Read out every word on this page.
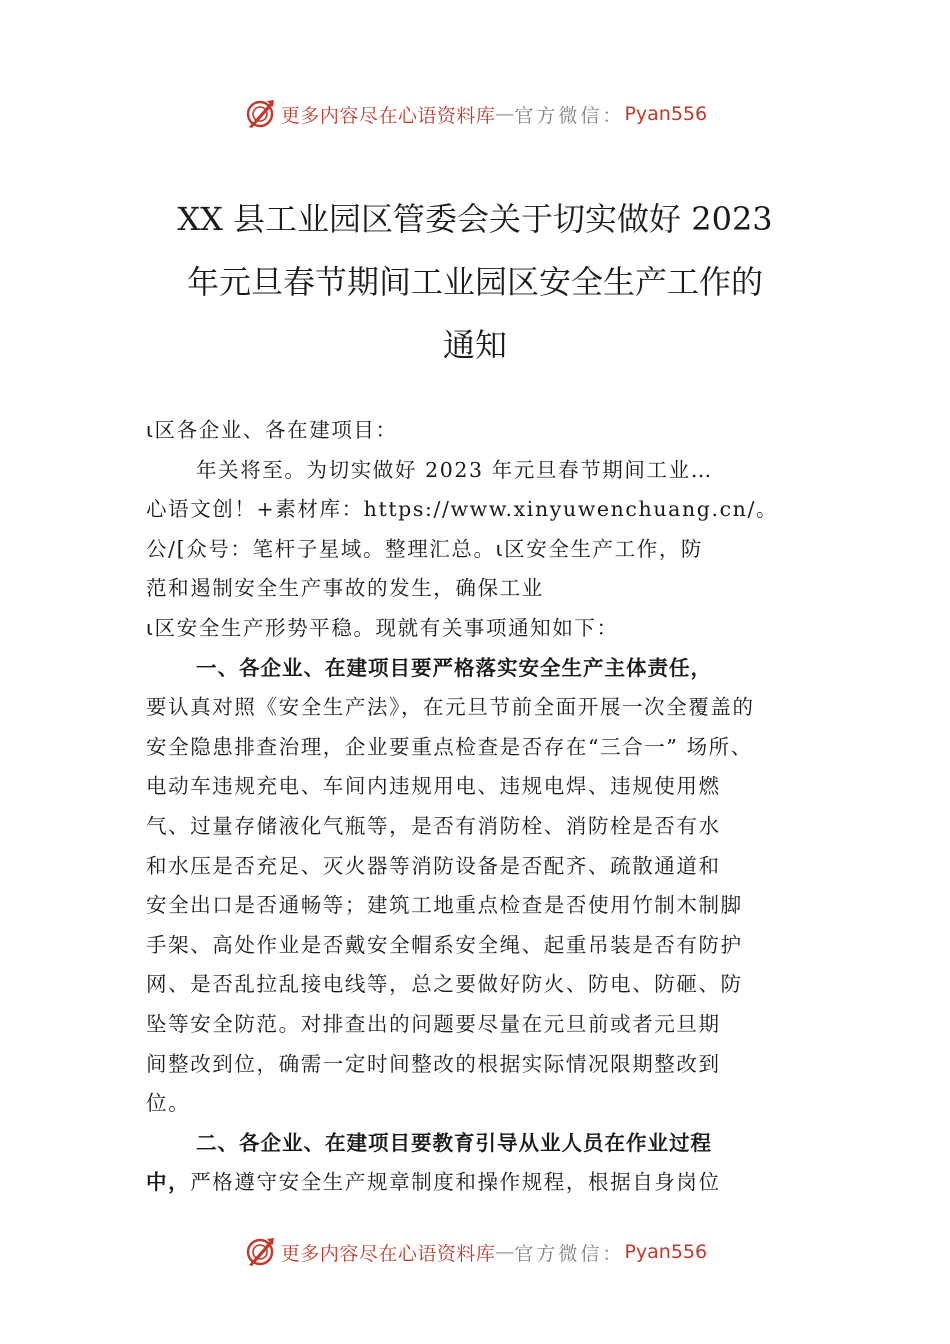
更多内容尽在心语资料库 — 官方微信： Pyan556
XX 县工业园区管委会关于切实做好 2023
年元旦春节期间工业园区安全生产工作的
通知
⍳区各企业、各在建项目：
年关将至。为切实做好 2023 年元旦春节期间工业…
心语文创！+素材库：https://www.xinyuwenchuang.cn/。
公/[众号：笔杆子星域。整理汇总。⍳区安全生产工作，防
范和遏制安全生产事故的发生，确保工业
⍳区安全生产形势平稳。现就有关事项通知如下：
一、各企业、在建项目要严格落实安全生产主体责任，
要认真对照《安全生产法》，在元旦节前全面开展一次全覆盖的
安全隐患排查治理，企业要重点检查是否存在“三合一” 场所、
电动车违规充电、车间内违规用电、违规电焊、违规使用燃
气、过量存储液化气瓶等，是否有消防栓、消防栓是否有水
和水压是否充足、灭火器等消防设备是否配齐、疏散通道和
安全出口是否通畅等；建筑工地重点检查是否使用竹制木制脚
手架、高处作业是否戴安全帽系安全绳、起重吊装是否有防护
网、是否乱拉乱接电线等，总之要做好防火、防电、防砸、防
坠等安全防范。对排查出的问题要尽量在元旦前或者元旦期
间整改到位，确需一定时间整改的根据实际情况限期整改到
位。
二、各企业、在建项目要教育引导从业人员在作业过程
中，严格遵守安全生产规章制度和操作规程，根据自身岗位
更多内容尽在心语资料库 — 官方微信： Pyan556
